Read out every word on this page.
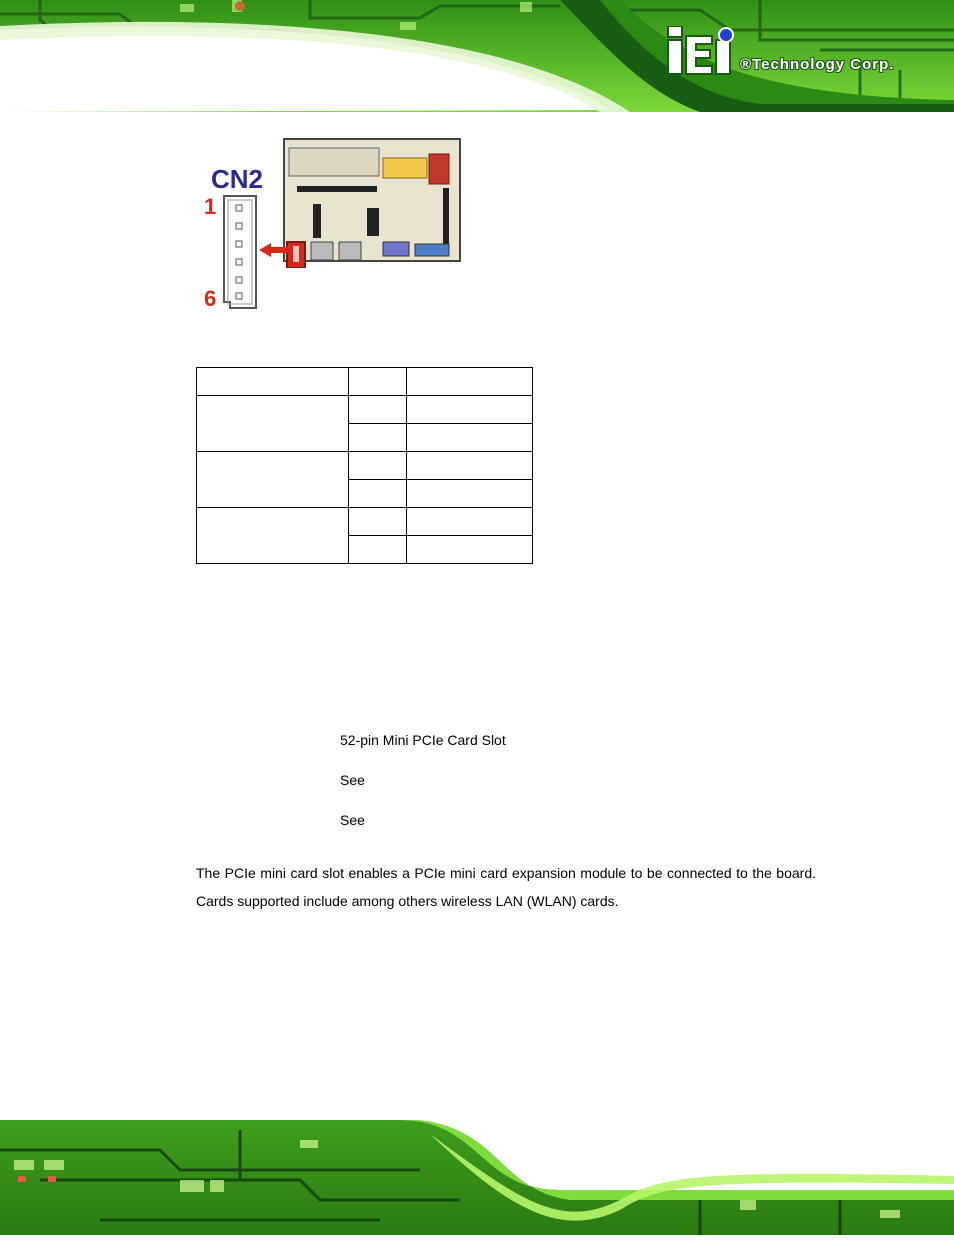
®Technology Corp.
CN2
1
6

52-pin Mini PCIe Card Slot
See
See

The PCIe mini card slot enables a PCIe mini card expansion module to be connected to the board. Cards supported include among others wireless LAN (WLAN) cards.
